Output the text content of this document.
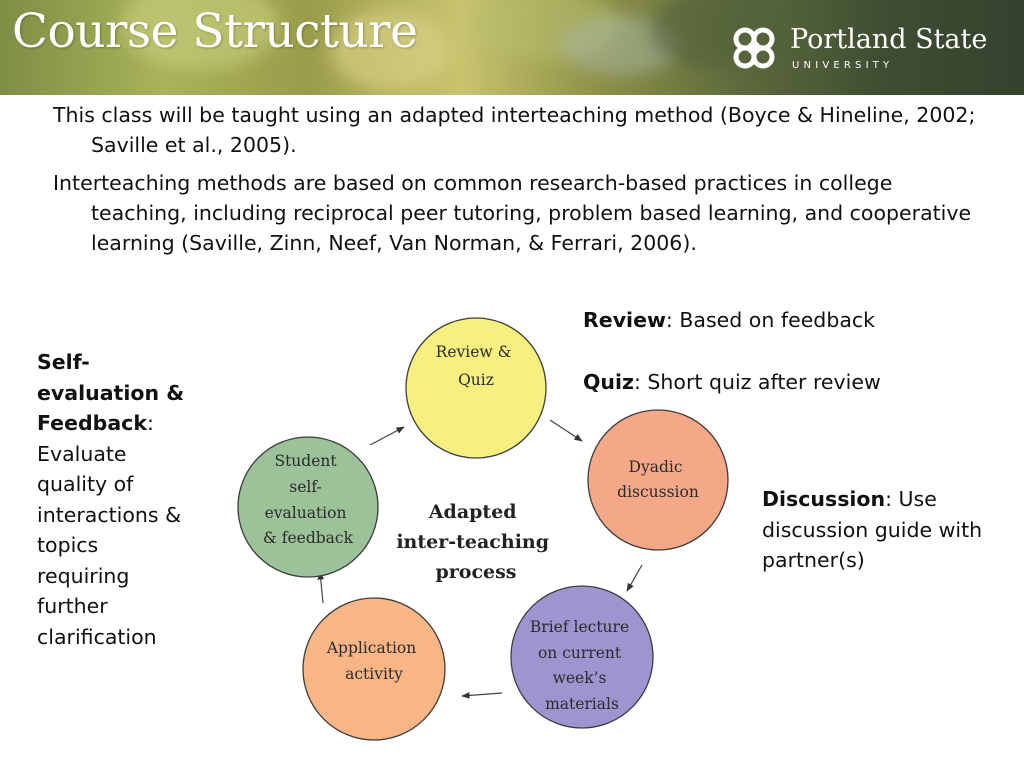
Course Structure	Portland State
UNIVERSITY
This class will be taught using an adapted interteaching method (Boyce & Hineline, 2002; Saville et al., 2005).
Interteaching methods are based on common research-based practices in college teaching, including reciprocal peer tutoring, problem based learning, and cooperative learning (Saville, Zinn, Neef, Van Norman, & Ferrari, 2006).
Self-evaluation & Feedback: Evaluate quality of interactions & topics requiring further clarification
Review: Based on feedback
Quiz: Short quiz after review
Discussion: Use discussion guide with partner(s)
Review & Quiz
Dyadic discussion
Brief lecture on current week’s materials
Application activity
Student self- evaluation & feedback
Adapted inter-teaching process
